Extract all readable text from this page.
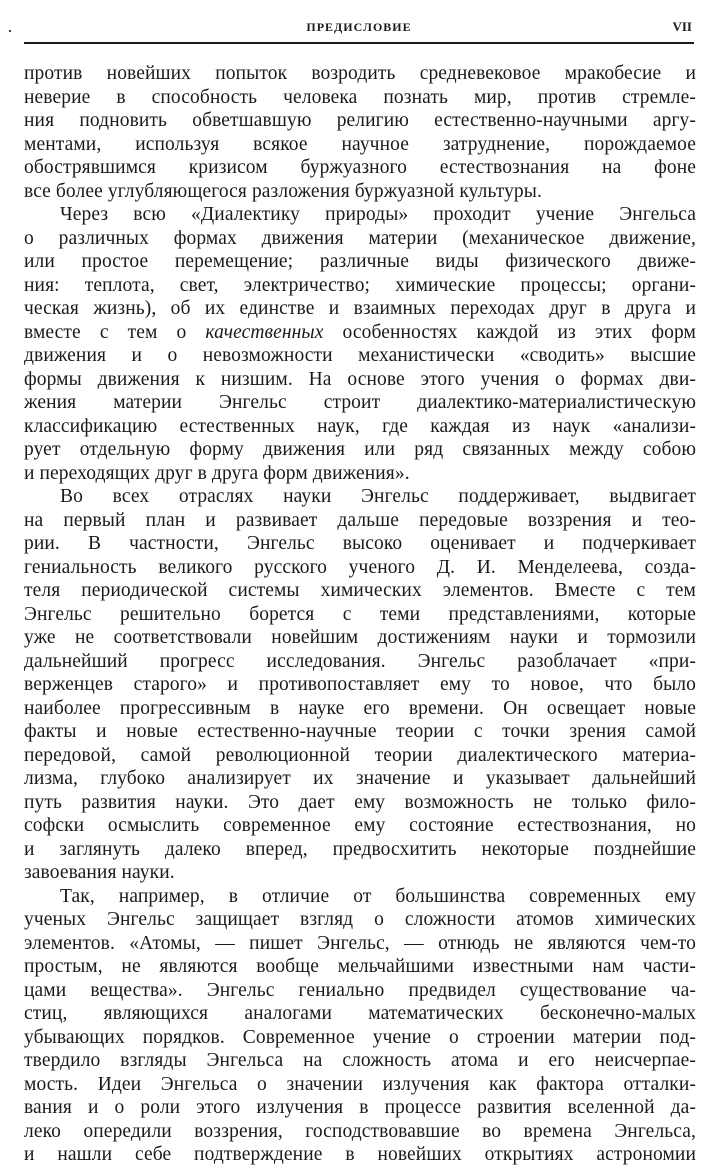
ПРЕДИСЛОВИЕ	VII
против новейших попыток возродить средневековое мракобесие и
неверие в способность человека познать мир, против стремле-
ния подновить обветшавшую религию естественно-научными аргу-
ментами, используя всякое научное затруднение, порождаемое
обострявшимся кризисом буржуазного естествознания на фоне
все более углубляющегося разложения буржуазной культуры.
Через всю «Диалектику природы» проходит учение Энгельса
о различных формах движения материи (механическое движение,
или простое перемещение; различные виды физического движе-
ния: теплота, свет, электричество; химические процессы; органи-
ческая жизнь), об их единстве и взаимных переходах друг в друга и
вместе с тем о качественных особенностях каждой из этих форм
движения и о невозможности механистически «сводить» высшие
формы движения к низшим. На основе этого учения о формах дви-
жения материи Энгельс строит диалектико-материалистическую
классификацию естественных наук, где каждая из наук «анализи-
рует отдельную форму движения или ряд связанных между собою
и переходящих друг в друга форм движения».
Во всех отраслях науки Энгельс поддерживает, выдвигает
на первый план и развивает дальше передовые воззрения и тео-
рии. В частности, Энгельс высоко оценивает и подчеркивает
гениальность великого русского ученого Д. И. Менделеева, созда-
теля периодической системы химических элементов. Вместе с тем
Энгельс решительно борется с теми представлениями, которые
уже не соответствовали новейшим достижениям науки и тормозили
дальнейший прогресс исследования. Энгельс разоблачает «при-
верженцев старого» и противопоставляет ему то новое, что было
наиболее прогрессивным в науке его времени. Он освещает новые
факты и новые естественно-научные теории с точки зрения самой
передовой, самой революционной теории диалектического материа-
лизма, глубоко анализирует их значение и указывает дальнейший
путь развития науки. Это дает ему возможность не только фило-
софски осмыслить современное ему состояние естествознания, но
и заглянуть далеко вперед, предвосхитить некоторые позднейшие
завоевания науки.
Так, например, в отличие от большинства современных ему
ученых Энгельс защищает взгляд о сложности атомов химических
элементов. «Атомы, — пишет Энгельс, — отнюдь не являются чем-то
простым, не являются вообще мельчайшими известными нам части-
цами вещества». Энгельс гениально предвидел существование ча-
стиц, являющихся аналогами математических бесконечно-малых
убывающих порядков. Современное учение о строении материи под-
твердило взгляды Энгельса на сложность атома и его неисчерпае-
мость. Идеи Энгельса о значении излучения как фактора отталки-
вания и о роли этого излучения в процессе развития вселенной да-
леко опередили воззрения, господствовавшие во времена Энгельса,
и нашли себе подтверждение в новейших открытиях астрономии
